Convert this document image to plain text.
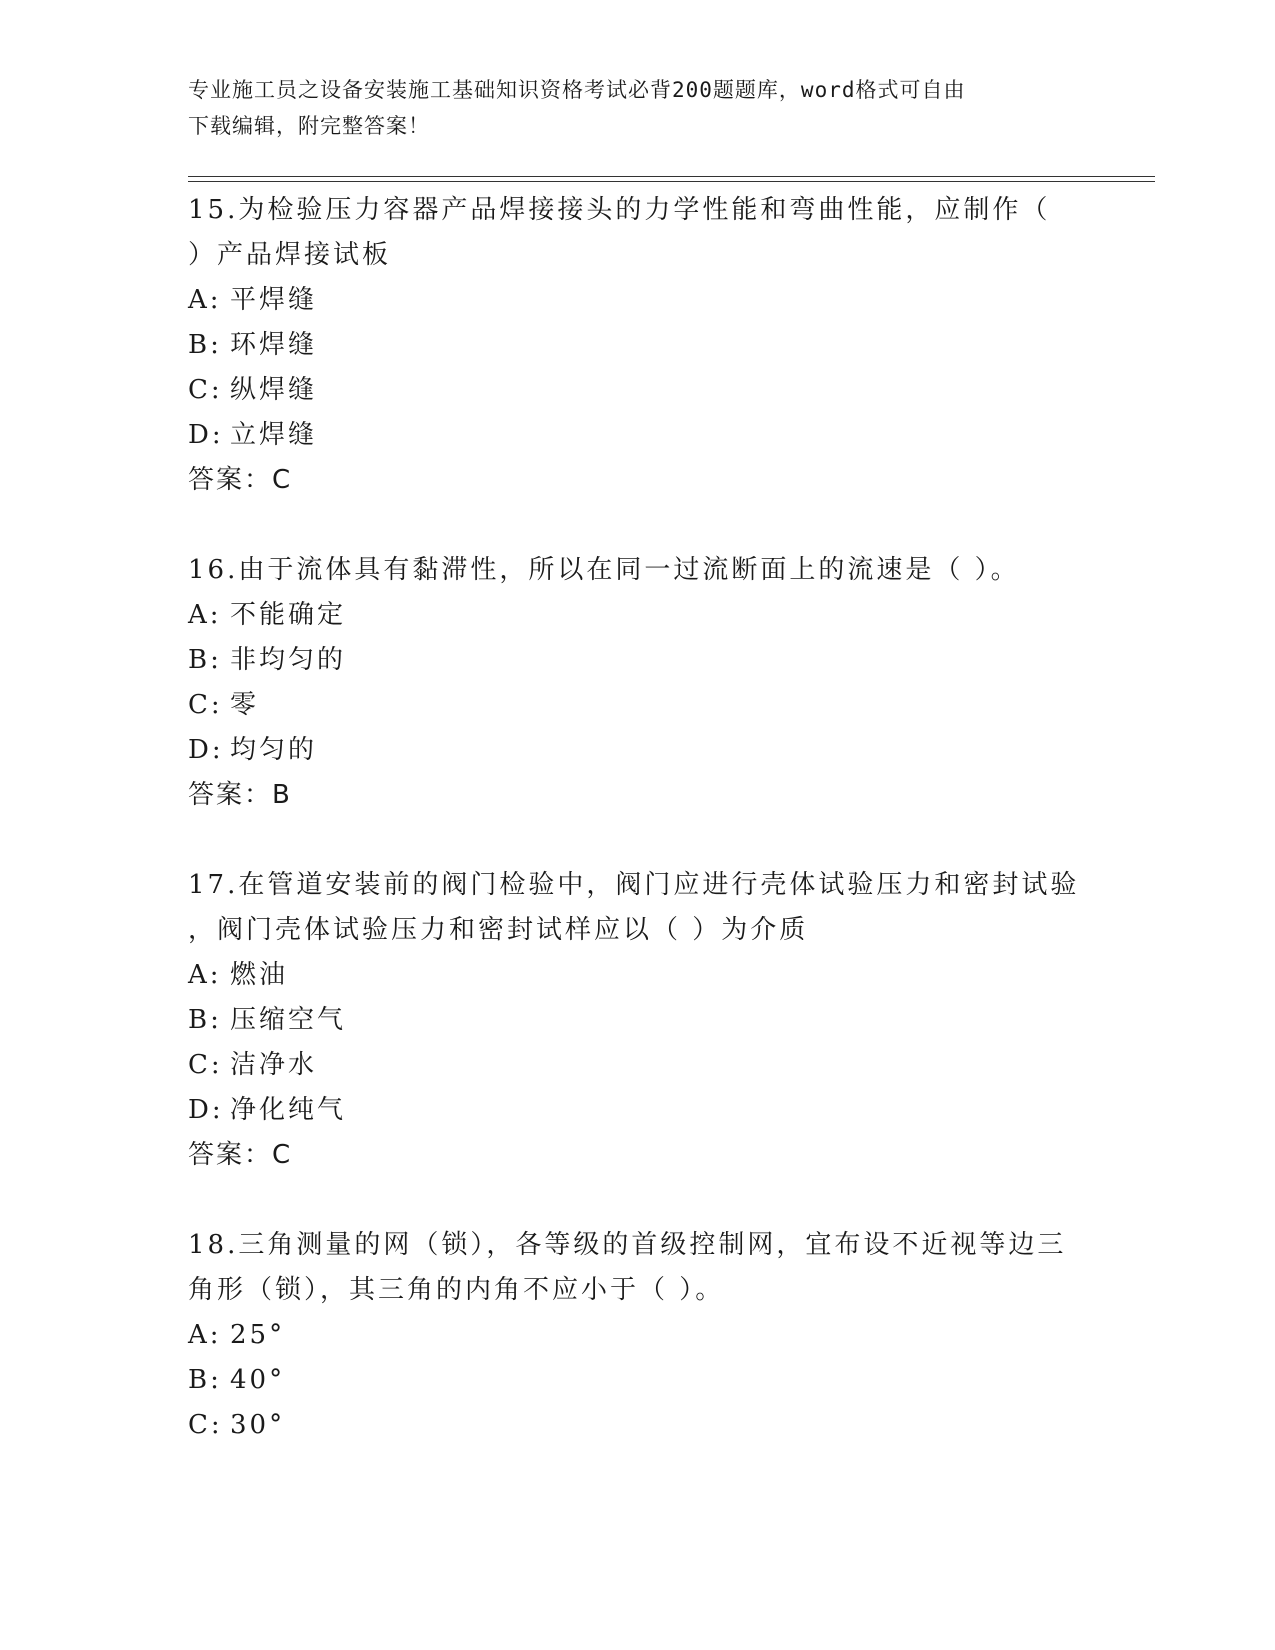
专业施工员之设备安装施工基础知识资格考试必背200题题库，word格式可自由
下载编辑，附完整答案！
15.为检验压力容器产品焊接接头的力学性能和弯曲性能，应制作（
）产品焊接试板
A: 平焊缝
B: 环焊缝
C: 纵焊缝
D: 立焊缝
答案：C
16.由于流体具有黏滞性，所以在同一过流断面上的流速是（ ）。
A: 不能确定
B: 非均匀的
C: 零
D: 均匀的
答案：B
17.在管道安装前的阀门检验中，阀门应进行壳体试验压力和密封试验
，阀门壳体试验压力和密封试样应以（ ）为介质
A: 燃油
B: 压缩空气
C: 洁净水
D: 净化纯气
答案：C
18.三角测量的网（锁），各等级的首级控制网，宜布设不近视等边三
角形（锁），其三角的内角不应小于（ ）。
A: 25°
B: 40°
C: 30°
